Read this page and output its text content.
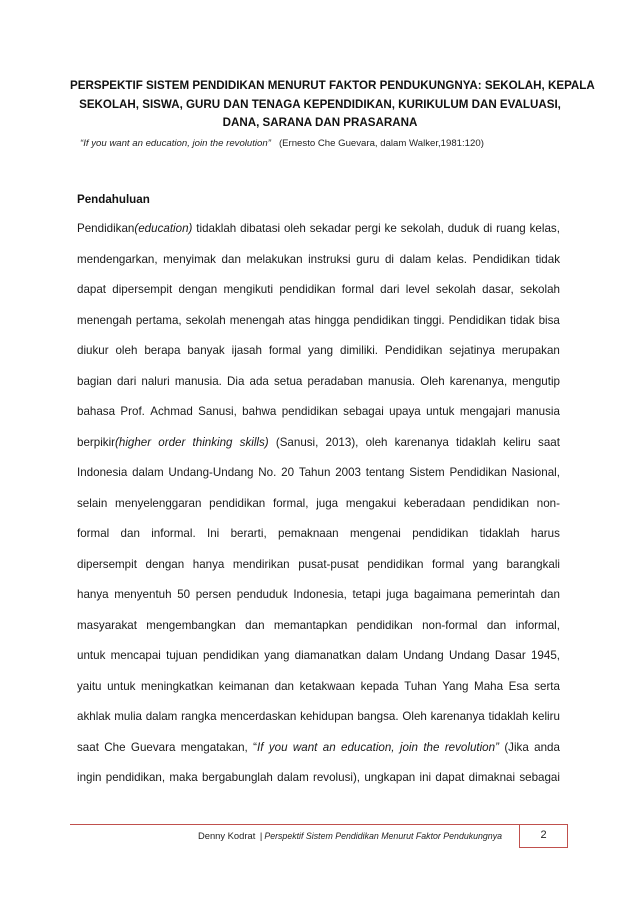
PERSPEKTIF SISTEM PENDIDIKAN MENURUT FAKTOR PENDUKUNGNYA: SEKOLAH, KEPALA
SEKOLAH, SISWA, GURU DAN TENAGA KEPENDIDIKAN, KURIKULUM DAN EVALUASI,
DANA, SARANA DAN PRASARANA
“If you want an education, join the revolution” (Ernesto Che Guevara, dalam Walker,1981:120)
Pendahuluan
Pendidikan(education) tidaklah dibatasi oleh sekadar pergi ke sekolah, duduk di ruang kelas,
mendengarkan, menyimak dan melakukan instruksi guru di dalam kelas. Pendidikan tidak
dapat dipersempit dengan mengikuti pendidikan formal dari level sekolah dasar, sekolah
menengah pertama, sekolah menengah atas hingga pendidikan tinggi. Pendidikan tidak bisa
diukur oleh berapa banyak ijasah formal yang dimiliki. Pendidikan sejatinya merupakan
bagian dari naluri manusia. Dia ada setua peradaban manusia. Oleh karenanya, mengutip
bahasa Prof. Achmad Sanusi, bahwa pendidikan sebagai upaya untuk mengajari manusia
berpikir(higher order thinking skills) (Sanusi, 2013), oleh karenanya tidaklah keliru saat
Indonesia dalam Undang-Undang No. 20 Tahun 2003 tentang Sistem Pendidikan Nasional,
selain menyelenggaran pendidikan formal, juga mengakui keberadaan pendidikan non-
formal dan informal. Ini berarti, pemaknaan mengenai pendidikan tidaklah harus
dipersempit dengan hanya mendirikan pusat-pusat pendidikan formal yang barangkali
hanya menyentuh 50 persen penduduk Indonesia, tetapi juga bagaimana pemerintah dan
masyarakat mengembangkan dan memantapkan pendidikan non-formal dan informal,
untuk mencapai tujuan pendidikan yang diamanatkan dalam Undang Undang Dasar 1945,
yaitu untuk meningkatkan keimanan dan ketakwaan kepada Tuhan Yang Maha Esa serta
akhlak mulia dalam rangka mencerdaskan kehidupan bangsa. Oleh karenanya tidaklah keliru
saat Che Guevara mengatakan, “If you want an education, join the revolution” (Jika anda
ingin pendidikan, maka bergabunglah dalam revolusi), ungkapan ini dapat dimaknai sebagai
Denny Kodrat | Perspektif Sistem Pendidikan Menurut Faktor Pendukungnya	2
